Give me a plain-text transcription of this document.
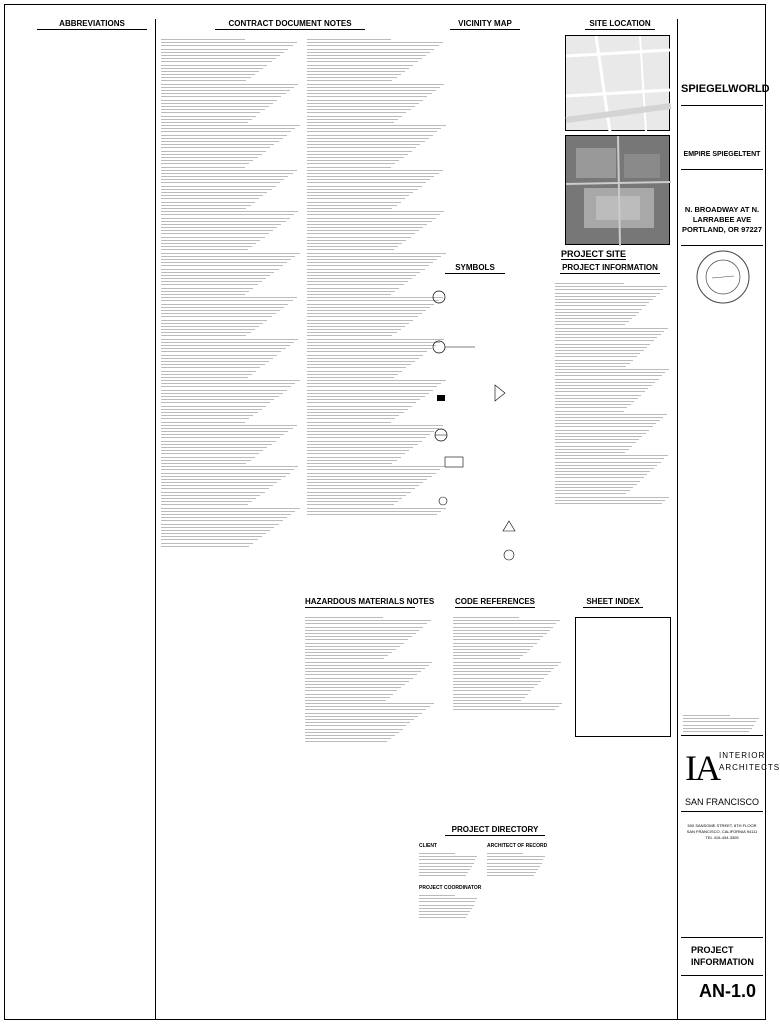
ABBREVIATIONS	CONTRACT DOCUMENT NOTES	VICINITY MAP	SITE LOCATION
PROJECT SITE
SPIEGELWORLD
EMPIRE SPIEGELTENT
N. BROADWAY AT N.
LARRABEE AVE
PORTLAND, OR 97227
SYMBOLS	PROJECT INFORMATION
HAZARDOUS MATERIALS NOTES	CODE REFERENCES	SHEET INDEX
IA INTERIOR
ARCHITECTS
SAN FRANCISCO
500 SANSOME STREET, 8TH FLOOR
SAN FRANCISCO, CALIFORNIA 94111
TEL 415-434-3305
PROJECT DIRECTORY
CLIENT	ARCHITECT OF RECORD
PROJECT COORDINATOR
PROJECT
INFORMATION
AN-1.0
